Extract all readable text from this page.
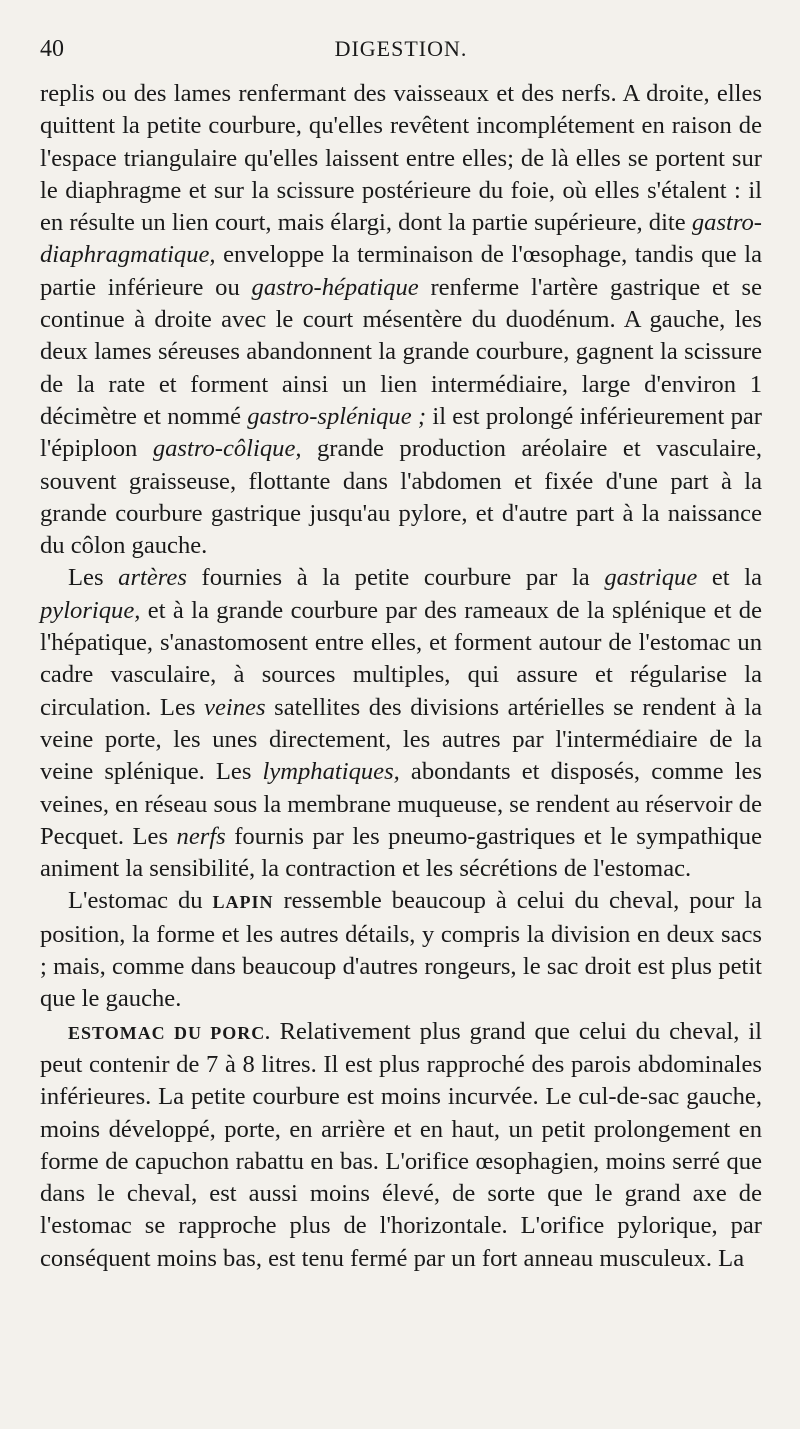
40	DIGESTION.

replis ou des lames renfermant des vaisseaux et des nerfs. A droite, elles quittent la petite courbure, qu'elles revêtent incomplétement en raison de l'espace triangulaire qu'elles laissent entre elles; de là elles se portent sur le diaphragme et sur la scissure postérieure du foie, où elles s'étalent : il en résulte un lien court, mais élargi, dont la partie supérieure, dite gastro-diaphragmatique, enveloppe la terminaison de l'œsophage, tandis que la partie inférieure ou gastro-hépatique renferme l'artère gastrique et se continue à droite avec le court mésentère du duodénum. A gauche, les deux lames séreuses abandonnent la grande courbure, gagnent la scissure de la rate et forment ainsi un lien intermédiaire, large d'environ 1 décimètre et nommé gastro-splénique ; il est prolongé inférieurement par l'épiploon gastro-côlique, grande production aréolaire et vasculaire, souvent graisseuse, flottante dans l'abdomen et fixée d'une part à la grande courbure gastrique jusqu'au pylore, et d'autre part à la naissance du côlon gauche.

Les artères fournies à la petite courbure par la gastrique et la pylorique, et à la grande courbure par des rameaux de la splénique et de l'hépatique, s'anastomosent entre elles, et forment autour de l'estomac un cadre vasculaire, à sources multiples, qui assure et régularise la circulation. Les veines satellites des divisions artérielles se rendent à la veine porte, les unes directement, les autres par l'intermédiaire de la veine splénique. Les lymphatiques, abondants et disposés, comme les veines, en réseau sous la membrane muqueuse, se rendent au réservoir de Pecquet. Les nerfs fournis par les pneumo-gastriques et le sympathique animent la sensibilité, la contraction et les sécrétions de l'estomac.

L'estomac du LAPIN ressemble beaucoup à celui du cheval, pour la position, la forme et les autres détails, y compris la division en deux sacs ; mais, comme dans beaucoup d'autres rongeurs, le sac droit est plus petit que le gauche.

ESTOMAC DU PORC. Relativement plus grand que celui du cheval, il peut contenir de 7 à 8 litres. Il est plus rapproché des parois abdominales inférieures. La petite courbure est moins incurvée. Le cul-de-sac gauche, moins développé, porte, en arrière et en haut, un petit prolongement en forme de capuchon rabattu en bas. L'orifice œsophagien, moins serré que dans le cheval, est aussi moins élevé, de sorte que le grand axe de l'estomac se rapproche plus de l'horizontale. L'orifice pylorique, par conséquent moins bas, est tenu fermé par un fort anneau musculeux. La
